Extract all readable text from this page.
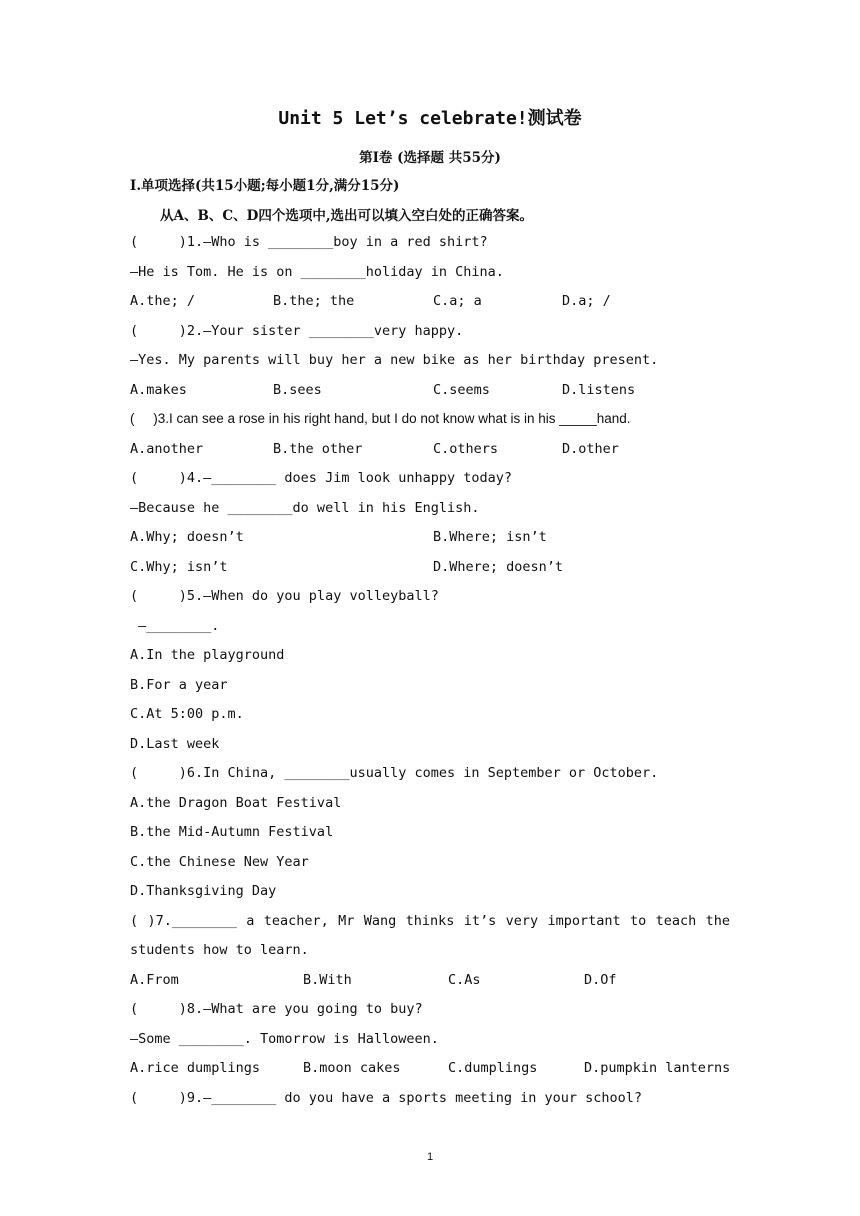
Unit 5 Let’s celebrate!测试卷
第Ⅰ卷 (选择题 共55分)
Ⅰ.单项选择(共15小题;每小题1分,满分15分)
从A、B、C、D四个选项中,选出可以填入空白处的正确答案。
(     )1.—Who is ________boy in a red shirt?
—He is Tom. He is on ________holiday in China.
A.the; /	B.the; the	C.a; a	D.a; /
(     )2.—Your sister ________very happy.
—Yes. My parents will buy her a new bike as her birthday present.
A.makes	B.sees	C.seems	D.listens
(     )3.I can see a rose in his right hand, but I do not know what is in his _____hand.
A.another	B.the other	C.others	D.other
(     )4.—________ does Jim look unhappy today?
—Because he ________do well in his English.
A.Why; doesn’t	B.Where; isn’t
C.Why; isn’t	D.Where; doesn’t
(     )5.—When do you play volleyball?
—________.
A.In the playground
B.For a year
C.At 5:00 p.m.
D.Last week
(     )6.In China, ________usually comes in September or October.
A.the Dragon Boat Festival
B.the Mid-Autumn Festival
C.the Chinese New Year
D.Thanksgiving Day
( )7.________ a teacher, Mr Wang thinks it’s very important to teach the
students how to learn.
A.From	B.With	C.As	D.Of
(     )8.—What are you going to buy?
—Some ________. Tomorrow is Halloween.
A.rice dumplings	B.moon cakes	C.dumplings	D.pumpkin lanterns
(     )9.—________ do you have a sports meeting in your school?
1
